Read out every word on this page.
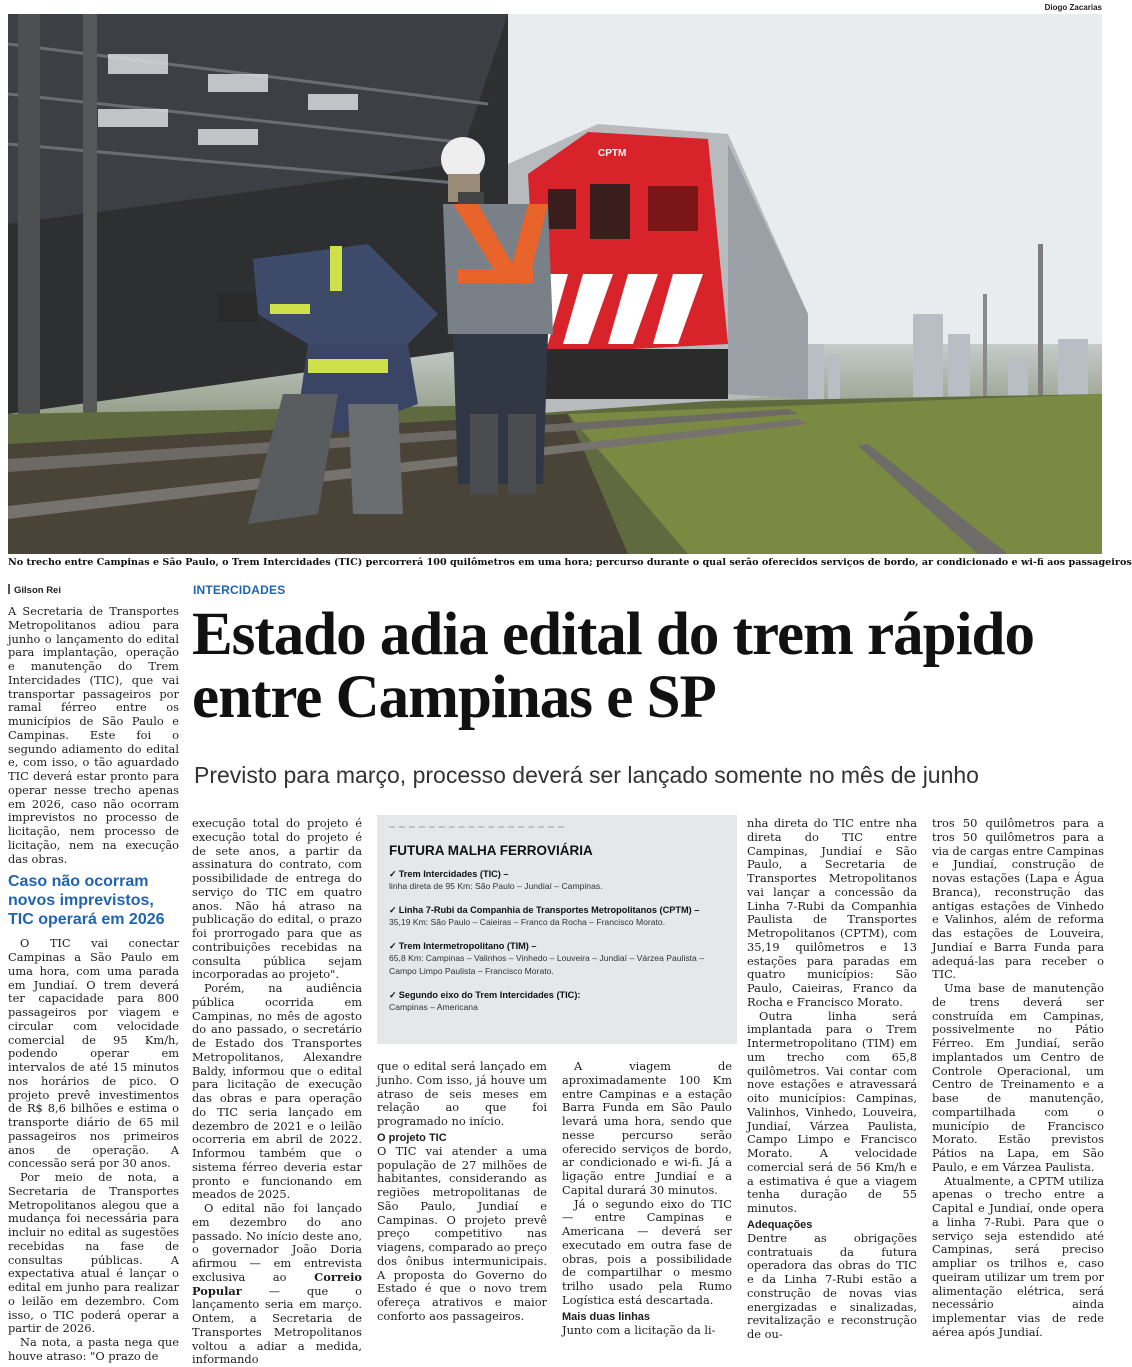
Diogo Zacarias
CPTM
No trecho entre Campinas e São Paulo, o Trem Intercidades (TIC) percorrerá 100 quilômetros em uma hora; percurso durante o qual serão oferecidos serviços de bordo, ar condicionado e wi-fi aos passageiros
Gilson Rei	INTERCIDADES
Estado adia edital do trem rápido entre Campinas e SP
Previsto para março, processo deverá ser lançado somente no mês de junho

A Secretaria de Transportes Metropolitanos adiou para junho o lançamento do edital para implantação, operação e manutenção do Trem Intercidades (TIC), que vai transportar passageiros por ramal férreo entre os municípios de São Paulo e Campinas. Este foi o segundo adiamento do edital e, com isso, o tão aguardado TIC deverá estar pronto para operar nesse trecho apenas em 2026, caso não ocorram imprevistos no processo de licitação, nem processo de licitação, nem na execução das obras.

Caso não ocorram novos imprevistos, TIC operará em 2026

O TIC vai conectar Campinas a São Paulo em uma hora, com uma parada em Jundiaí. O trem deverá ter capacidade para 800 passageiros por viagem e circular com velocidade comercial de 95 Km/h, podendo operar em intervalos de até 15 minutos nos horários de pico. O projeto prevê investimentos de R$ 8,6 bilhões e estima o transporte diário de 65 mil passageiros nos primeiros anos de operação. A concessão será por 30 anos.

Por meio de nota, a Secretaria de Transportes Metropolitanos alegou que a mudança foi necessária para incluir no edital as sugestões recebidas na fase de consultas públicas. A expectativa atual é lançar o edital em junho para realizar o leilão em dezembro. Com isso, o TIC poderá operar a partir de 2026.

Na nota, a pasta nega que houve atraso: "O prazo de

execução total do projeto é execução total do projeto é de sete anos, a partir da assinatura do contrato, com possibilidade de entrega do serviço do TIC em quatro anos. Não há atraso na publicação do edital, o prazo foi prorrogado para que as contribuições recebidas na consulta pública sejam incorporadas ao projeto".

Porém, na audiência pública ocorrida em Campinas, no mês de agosto do ano passado, o secretário de Estado dos Transportes Metropolitanos, Alexandre Baldy, informou que o edital para licitação de execução das obras e para operação do TIC seria lançado em dezembro de 2021 e o leilão ocorreria em abril de 2022. Informou também que o sistema férreo deveria estar pronto e funcionando em meados de 2025.

O edital não foi lançado em dezembro do ano passado. No início deste ano, o governador João Doria afirmou — em entrevista exclusiva ao Correio Popular — que o lançamento seria em março. Ontem, a Secretaria de Transportes Metropolitanos voltou a adiar a medida, informando

FUTURA MALHA FERROVIÁRIA
✓ Trem Intercidades (TIC) –
linha direta de 95 Km: São Paulo – Jundiaí – Campinas.
✓ Linha 7-Rubi da Companhia de Transportes Metropolitanos (CPTM) –
35,19 Km: São Paulo – Caieiras – Franco da Rocha – Francisco Morato.
✓ Trem Intermetropolitano (TIM) –
65,8 Km: Campinas – Valinhos – Vinhedo – Louveira – Jundiaí – Várzea Paulista – Campo Limpo Paulista – Francisco Morato.
✓ Segundo eixo do Trem Intercidades (TIC):
Campinas – Americana

que o edital será lançado em junho. Com isso, já houve um atraso de seis meses em relação ao que foi programado no início.

O projeto TIC

O TIC vai atender a uma população de 27 milhões de habitantes, considerando as regiões metropolitanas de São Paulo, Jundiaí e Campinas. O projeto prevê preço competitivo nas viagens, comparado ao preço dos ônibus intermunicipais. A proposta do Governo do Estado é que o novo trem ofereça atrativos e maior conforto aos passageiros.

A viagem de aproximadamente 100 Km entre Campinas e a estação Barra Funda em São Paulo levará uma hora, sendo que nesse percurso serão oferecido serviços de bordo, ar condicionado e wi-fi. Já a ligação entre Jundiaí e a Capital durará 30 minutos.

Já o segundo eixo do TIC — entre Campinas e Americana — deverá ser executado em outra fase de obras, pois a possibilidade de compartilhar o mesmo trilho usado pela Rumo Logística está descartada.

Mais duas linhas

Junto com a licitação da li-

nha direta do TIC entre nha direta do TIC entre Campinas, Jundiaí e São Paulo, a Secretaria de Transportes Metropolitanos vai lançar a concessão da Linha 7-Rubi da Companhia Paulista de Transportes Metropolitanos (CPTM), com 35,19 quilômetros e 13 estações para paradas em quatro municípios: São Paulo, Caieiras, Franco da Rocha e Francisco Morato.

Outra linha será implantada para o Trem Intermetropolitano (TIM) em um trecho com 65,8 quilômetros. Vai contar com nove estações e atravessará oito municípios: Campinas, Valinhos, Vinhedo, Louveira, Jundiaí, Várzea Paulista, Campo Limpo e Francisco Morato. A velocidade comercial será de 56 Km/h e a estimativa é que a viagem tenha duração de 55 minutos.

Adequações

Dentre as obrigações contratuais da futura operadora das obras do TIC e da Linha 7-Rubi estão a construção de novas vias energizadas e sinalizadas, revitalização e reconstrução de ou-

tros 50 quilômetros para a tros 50 quilômetros para a via de cargas entre Campinas e Jundiaí, construção de novas estações (Lapa e Água Branca), reconstrução das antigas estações de Vinhedo e Valinhos, além de reforma das estações de Louveira, Jundiaí e Barra Funda para adequá-las para receber o TIC.

Uma base de manutenção de trens deverá ser construída em Campinas, possivelmente no Pátio Férreo. Em Jundiaí, serão implantados um Centro de Controle Operacional, um Centro de Treinamento e a base de manutenção, compartilhada com o município de Francisco Morato. Estão previstos Pátios na Lapa, em São Paulo, e em Várzea Paulista.

Atualmente, a CPTM utiliza apenas o trecho entre a Capital e Jundiaí, onde opera a linha 7-Rubi. Para que o serviço seja estendido até Campinas, será preciso ampliar os trilhos e, caso queiram utilizar um trem por alimentação elétrica, será necessário ainda implementar vias de rede aérea após Jundiaí.
